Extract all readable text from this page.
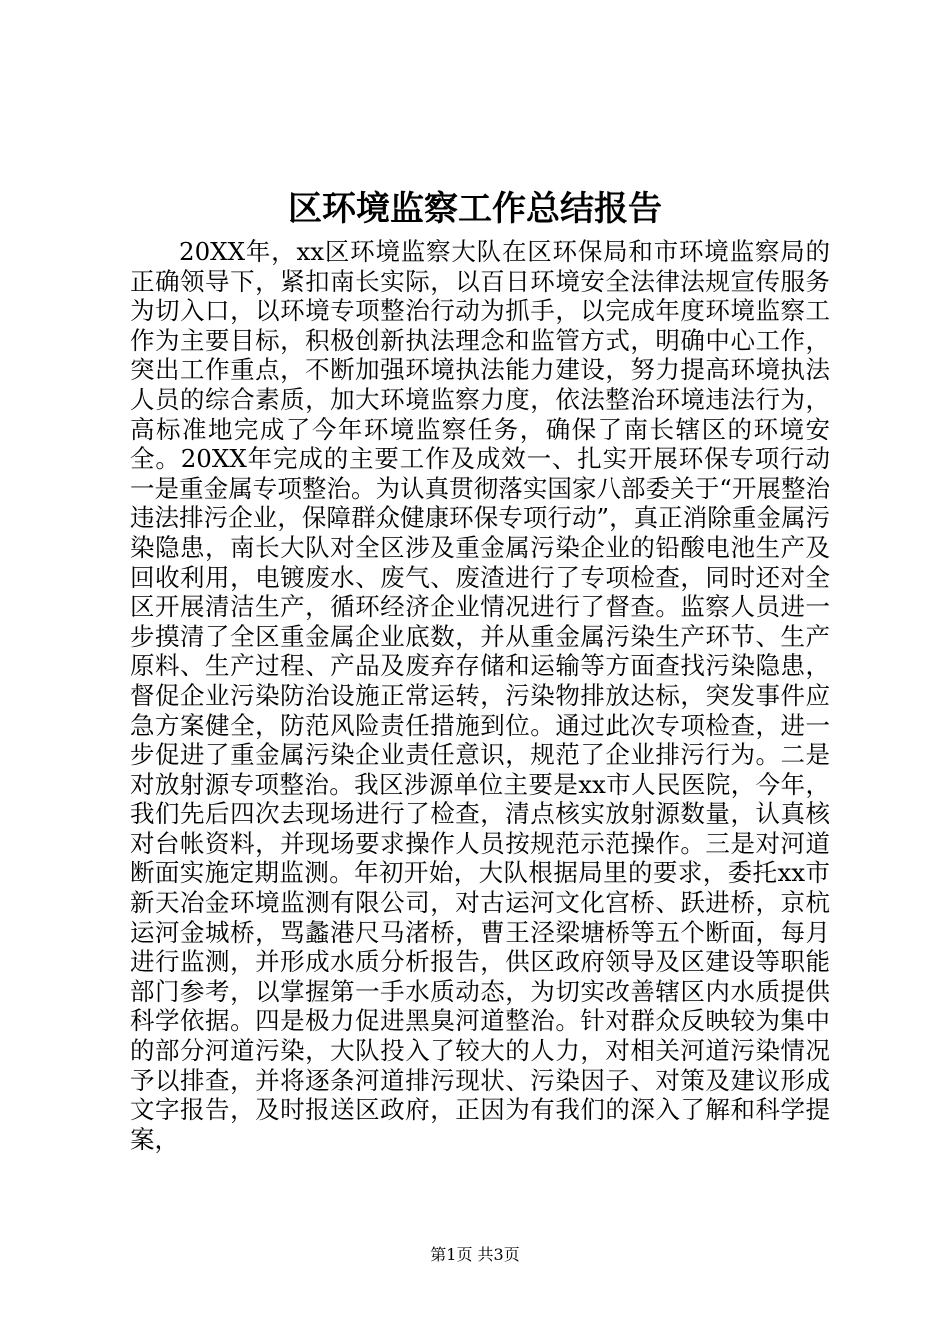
区环境监察工作总结报告

20XX年，xx区环境监察大队在区环保局和市环境监察局的正确领导下，紧扣南长实际，以百日环境安全法律法规宣传服务为切入口，以环境专项整治行动为抓手，以完成年度环境监察工作为主要目标，积极创新执法理念和监管方式，明确中心工作，突出工作重点，不断加强环境执法能力建设，努力提高环境执法人员的综合素质，加大环境监察力度，依法整治环境违法行为，高标准地完成了今年环境监察任务，确保了南长辖区的环境安全。20XX年完成的主要工作及成效一、扎实开展环保专项行动一是重金属专项整治。为认真贯彻落实国家八部委关于“开展整治违法排污企业，保障群众健康环保专项行动”，真正消除重金属污染隐患，南长大队对全区涉及重金属污染企业的铅酸电池生产及回收利用，电镀废水、废气、废渣进行了专项检查，同时还对全区开展清洁生产，循环经济企业情况进行了督查。监察人员进一步摸清了全区重金属企业底数，并从重金属污染生产环节、生产原料、生产过程、产品及废弃存储和运输等方面查找污染隐患，督促企业污染防治设施正常运转，污染物排放达标，突发事件应急方案健全，防范风险责任措施到位。通过此次专项检查，进一步促进了重金属污染企业责任意识，规范了企业排污行为。二是对放射源专项整治。我区涉源单位主要是xx市人民医院，今年，我们先后四次去现场进行了检查，清点核实放射源数量，认真核对台帐资料，并现场要求操作人员按规范示范操作。三是对河道断面实施定期监测。年初开始，大队根据局里的要求，委托xx市新天冶金环境监测有限公司，对古运河文化宫桥、跃进桥，京杭运河金城桥，骂蠡港尺马渚桥，曹王泾梁塘桥等五个断面，每月进行监测，并形成水质分析报告，供区政府领导及区建设等职能部门参考，以掌握第一手水质动态，为切实改善辖区内水质提供科学依据。四是极力促进黑臭河道整治。针对群众反映较为集中的部分河道污染，大队投入了较大的人力，对相关河道污染情况予以排查，并将逐条河道排污现状、污染因子、对策及建议形成文字报告，及时报送区政府，正因为有我们的深入了解和科学提案，

第1页 共3页
